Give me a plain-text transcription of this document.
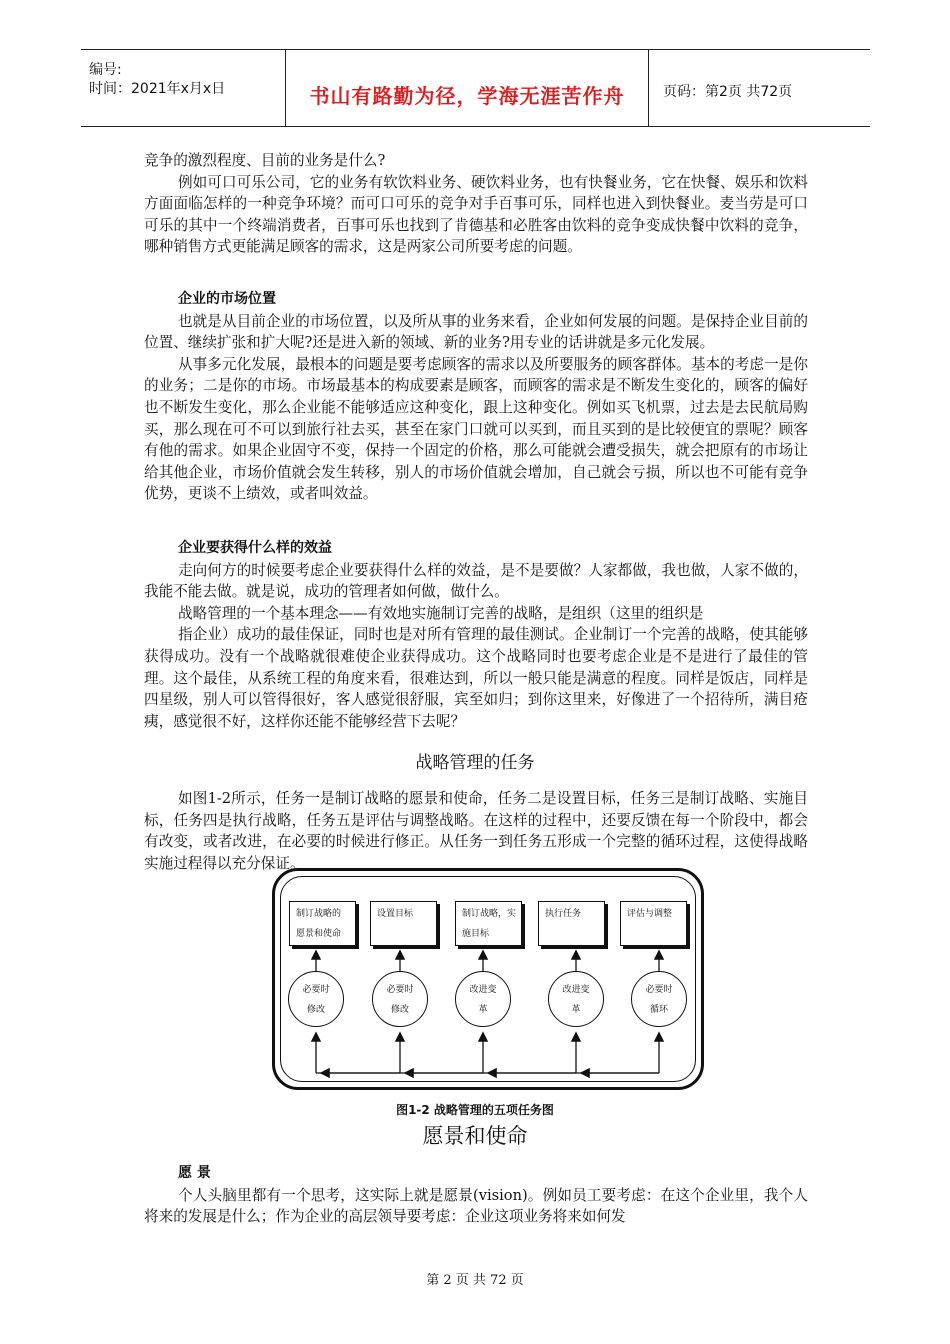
编号:
时间：2021年x月x日	书山有路勤为径，学海无涯苦作舟	页码：第2页 共72页

竞争的激烈程度、目前的业务是什么?

例如可口可乐公司，它的业务有软饮料业务、硬饮料业务，也有快餐业务，它在快餐、娱乐和饮料方面面临怎样的一种竞争环境？而可口可乐的竞争对手百事可乐，同样也进入到快餐业。麦当劳是可口可乐的其中一个终端消费者，百事可乐也找到了肯德基和必胜客由饮料的竞争变成快餐中饮料的竞争，哪种销售方式更能满足顾客的需求，这是两家公司所要考虑的问题。

企业的市场位置

也就是从目前企业的市场位置，以及所从事的业务来看，企业如何发展的问题。是保持企业目前的位置、继续扩张和扩大呢?还是进入新的领域、新的业务?用专业的话讲就是多元化发展。

从事多元化发展，最根本的问题是要考虑顾客的需求以及所要服务的顾客群体。基本的考虑一是你的业务；二是你的市场。市场最基本的构成要素是顾客，而顾客的需求是不断发生变化的，顾客的偏好也不断发生变化，那么企业能不能够适应这种变化，跟上这种变化。例如买飞机票，过去是去民航局购买，那么现在可不可以到旅行社去买，甚至在家门口就可以买到，而且买到的是比较便宜的票呢？顾客有他的需求。如果企业固守不变，保持一个固定的价格，那么可能就会遭受损失，就会把原有的市场让给其他企业，市场价值就会发生转移，别人的市场价值就会增加，自己就会亏损，所以也不可能有竞争优势，更谈不上绩效，或者叫效益。

企业要获得什么样的效益

走向何方的时候要考虑企业要获得什么样的效益，是不是要做？人家都做，我也做，人家不做的，我能不能去做。就是说，成功的管理者如何做，做什么。

战略管理的一个基本理念——有效地实施制订完善的战略，是组织（这里的组织是

指企业）成功的最佳保证，同时也是对所有管理的最佳测试。企业制订一个完善的战略，使其能够获得成功。没有一个战略就很难使企业获得成功。这个战略同时也要考虑企业是不是进行了最佳的管理。这个最佳，从系统工程的角度来看，很难达到，所以一般只能是满意的程度。同样是饭店，同样是四星级，别人可以管得很好，客人感觉很舒服，宾至如归；到你这里来，好像进了一个招待所，满目疮痍，感觉很不好，这样你还能不能够经营下去呢？

战略管理的任务

如图1-2所示，任务一是制订战略的愿景和使命，任务二是设置目标，任务三是制订战略、实施目标，任务四是执行战略，任务五是评估与调整战略。在这样的过程中，还要反馈在每一个阶段中，都会有改变，或者改进，在必要的时候进行修正。从任务一到任务五形成一个完整的循环过程，这使得战略实施过程得以充分保证。

制订战略的
愿景和使命
设置目标	制订战略，实
施目标
执行任务	评估与调整
必要时
修改
必要时
修改
改进变
革
改进变
革
必要时
循环
图1-2 战略管理的五项任务图
愿景和使命

愿 景

个人头脑里都有一个思考，这实际上就是愿景(vision)。例如员工要考虑：在这个企业里，我个人将来的发展是什么；作为企业的高层领导要考虑：企业这项业务将来如何发

第 2 页 共 72 页
